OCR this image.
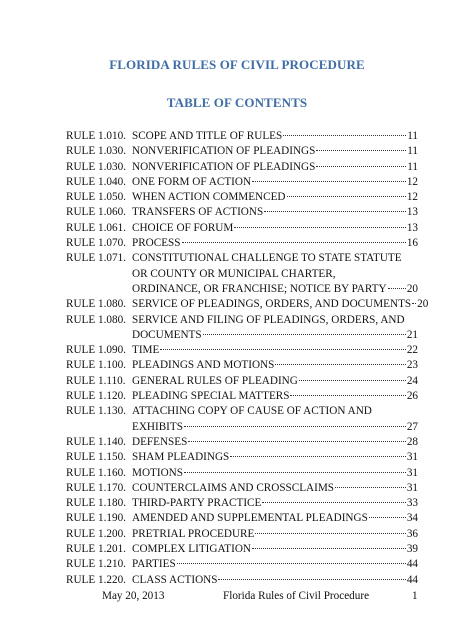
FLORIDA RULES OF CIVIL PROCEDURE
TABLE OF CONTENTS
RULE 1.010. SCOPE AND TITLE OF RULES	11
RULE 1.030. NONVERIFICATION OF PLEADINGS	11
RULE 1.030. NONVERIFICATION OF PLEADINGS	11
RULE 1.040. ONE FORM OF ACTION	12
RULE 1.050. WHEN ACTION COMMENCED	12
RULE 1.060. TRANSFERS OF ACTIONS	13
RULE 1.061. CHOICE OF FORUM	13
RULE 1.070. PROCESS	16
RULE 1.071. CONSTITUTIONAL CHALLENGE TO STATE STATUTE
OR COUNTY OR MUNICIPAL CHARTER,
ORDINANCE, OR FRANCHISE; NOTICE BY PARTY 20
RULE 1.080. SERVICE OF PLEADINGS, ORDERS, AND DOCUMENTS 20
RULE 1.080. SERVICE AND FILING OF PLEADINGS, ORDERS, AND
DOCUMENTS	21
RULE 1.090. TIME	22
RULE 1.100. PLEADINGS AND MOTIONS	23
RULE 1.110. GENERAL RULES OF PLEADING	24
RULE 1.120. PLEADING SPECIAL MATTERS	26
RULE 1.130. ATTACHING COPY OF CAUSE OF ACTION AND
EXHIBITS	27
RULE 1.140. DEFENSES	28
RULE 1.150. SHAM PLEADINGS	31
RULE 1.160. MOTIONS	31
RULE 1.170. COUNTERCLAIMS AND CROSSCLAIMS	31
RULE 1.180. THIRD-PARTY PRACTICE	33
RULE 1.190. AMENDED AND SUPPLEMENTAL PLEADINGS	34
RULE 1.200. PRETRIAL PROCEDURE	36
RULE 1.201. COMPLEX LITIGATION	39
RULE 1.210. PARTIES	44
RULE 1.220. CLASS ACTIONS	44
May 20, 2013	Florida Rules of Civil Procedure	1
